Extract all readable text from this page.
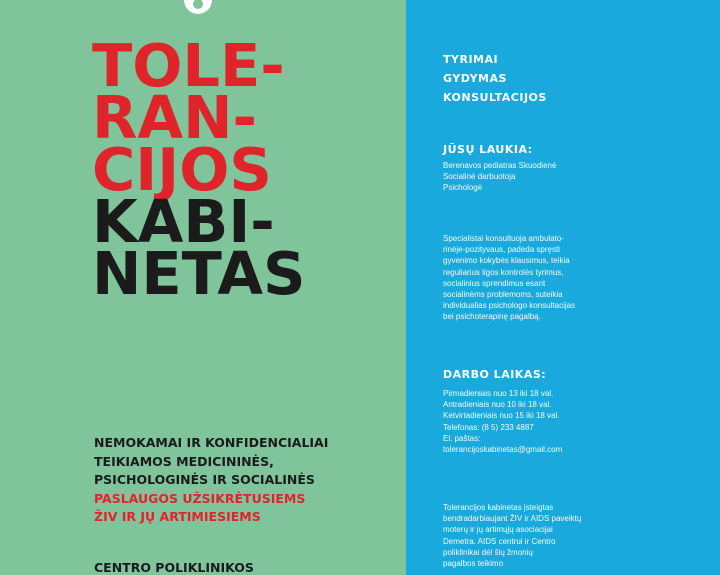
TOLE-
RAN-
CIJOS
KABI-
NETAS
NEMOKAMAI IR KONFIDENCIALIAI
TEIKIAMOS MEDICININĖS,
PSICHOLOGINĖS IR SOCIALINĖS
PASLAUGOS UŽSIKRĖTUSIEMS
ŽIV IR JŲ ARTIMIESIEMS
CENTRO POLIKLINIKOS
TYRIMAI
GYDYMAS
KONSULTACIJOS
JŪSŲ LAUKIA:
Berenavos pediatras Skuodienė
Socialinė darbuotoja
Psichologė
Specialistai konsultuoja ambulato-
rinėje-pozityvaus, padeda spręsti
gyvenimo kokybės klausimus, teikia
reguliarius ligos kontrolės tyrimus,
socialinius sprendimus esant
socialinėms problemoms, suteikia
individualias psichologo konsultacijas
bei psichoterapinę pagalbą.
DARBO LAIKAS:
Pirmadieniais nuo 13 iki 18 val.
Antradieniais nuo 10 iki 18 val.
Ketvirtadieniais nuo 15 iki 18 val.
Telefonas: (8 5) 233 4887
El. paštas:
tolerancijoskabinetas@gmail.com
Tolerancijos kabinetas įsteigtas
bendradarbiaujant ŽIV ir AIDS paveiktų
moterų ir jų artimųjų asociacijai
Demetra. AIDS centrui ir Centro
poliklinikai dėl šių žmonių
pagalbos teikimo
